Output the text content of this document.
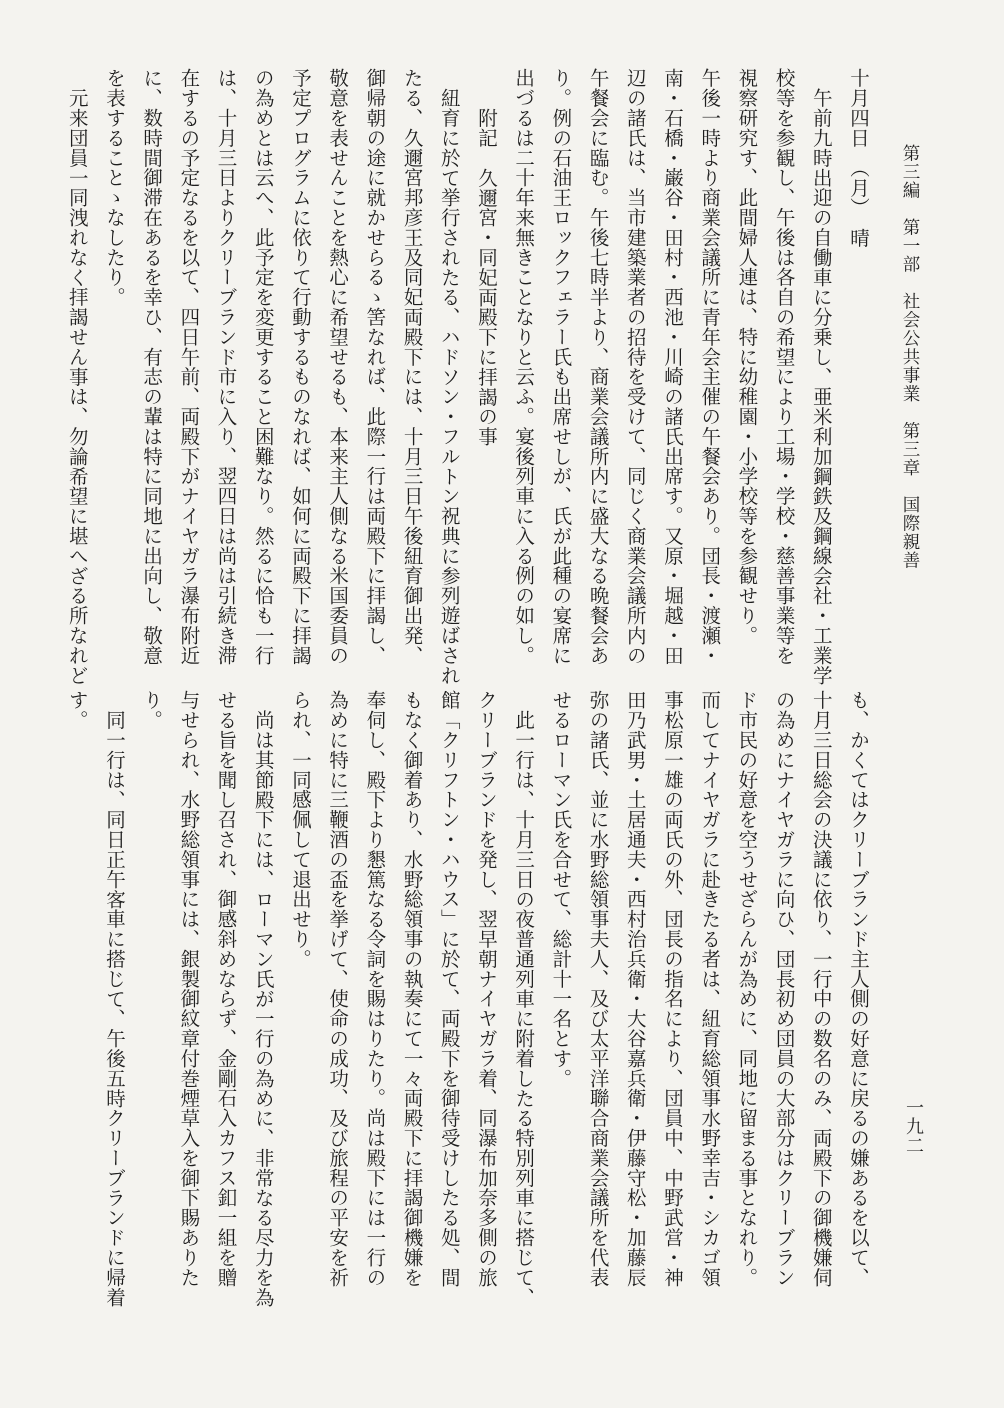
第三編　第一部　社会公共事業　第三章　国際親善
一九二
十月四日　（月）　晴
午前九時出迎の自働車に分乗し、亜米利加鋼鉄及鋼線会社・工業学
校等を参観し、午後は各自の希望により工場・学校・慈善事業等を
視察研究す、此間婦人連は、特に幼稚園・小学校等を参観せり。
午後一時より商業会議所に青年会主催の午餐会あり。団長・渡瀬・
南・石橋・巌谷・田村・西池・川崎の諸氏出席す。又原・堀越・田
辺の諸氏は、当市建築業者の招待を受けて、同じく商業会議所内の
午餐会に臨む。午後七時半より、商業会議所内に盛大なる晩餐会あ
り。例の石油王ロックフェラー氏も出席せしが、氏が此種の宴席に
出づるは二十年来無きことなりと云ふ。宴後列車に入る例の如し。
附記　久邇宮・同妃両殿下に拝謁の事
紐育に於て挙行されたる、ハドソン・フルトン祝典に参列遊ばされ
たる、久邇宮邦彦王及同妃両殿下には、十月三日午後紐育御出発、
御帰朝の途に就かせらるゝ筈なれば、此際一行は両殿下に拝謁し、
敬意を表せんことを熱心に希望せるも、本来主人側なる米国委員の
予定プログラムに依りて行動するものなれば、如何に両殿下に拝謁
の為めとは云へ、此予定を変更すること困難なり。然るに恰も一行
は、十月三日よりクリーブランド市に入り、翌四日は尚は引続き滞
在するの予定なるを以て、四日午前、両殿下がナイヤガラ瀑布附近
に、数時間御滞在あるを幸ひ、有志の輩は特に同地に出向し、敬意
を表することゝなしたり。
元来団員一同洩れなく拝謁せん事は、勿論希望に堪へざる所なれど
も、かくてはクリーブランド主人側の好意に戻るの嫌あるを以て、
十月三日総会の決議に依り、一行中の数名のみ、両殿下の御機嫌伺
の為めにナイヤガラに向ひ、団長初め団員の大部分はクリーブラン
ド市民の好意を空うせざらんが為めに、同地に留まる事となれり。
而してナイヤガラに赴きたる者は、紐育総領事水野幸吉・シカゴ領
事松原一雄の両氏の外、団長の指名により、団員中、中野武営・神
田乃武男・土居通夫・西村治兵衛・大谷嘉兵衛・伊藤守松・加藤辰
弥の諸氏、並に水野総領事夫人、及び太平洋聯合商業会議所を代表
せるローマン氏を合せて、総計十一名とす。
此一行は、十月三日の夜普通列車に附着したる特別列車に搭じて、
クリーブランドを発し、翌早朝ナイヤガラ着、同瀑布加奈多側の旅
館「クリフトン・ハウス」に於て、両殿下を御待受けしたる処、間
もなく御着あり、水野総領事の執奏にて一々両殿下に拝謁御機嫌を
奉伺し、殿下より懇篤なる令詞を賜はりたり。尚は殿下には一行の
為めに特に三鞭酒の盃を挙げて、使命の成功、及び旅程の平安を祈
られ、一同感佩して退出せり。
尚は其節殿下には、ローマン氏が一行の為めに、非常なる尽力を為
せる旨を聞し召され、御感斜めならず、金剛石入カフス釦一組を贈
与せられ、水野総領事には、銀製御紋章付巻煙草入を御下賜ありた
り。
同一行は、同日正午客車に搭じて、午後五時クリーブランドに帰着
す。
